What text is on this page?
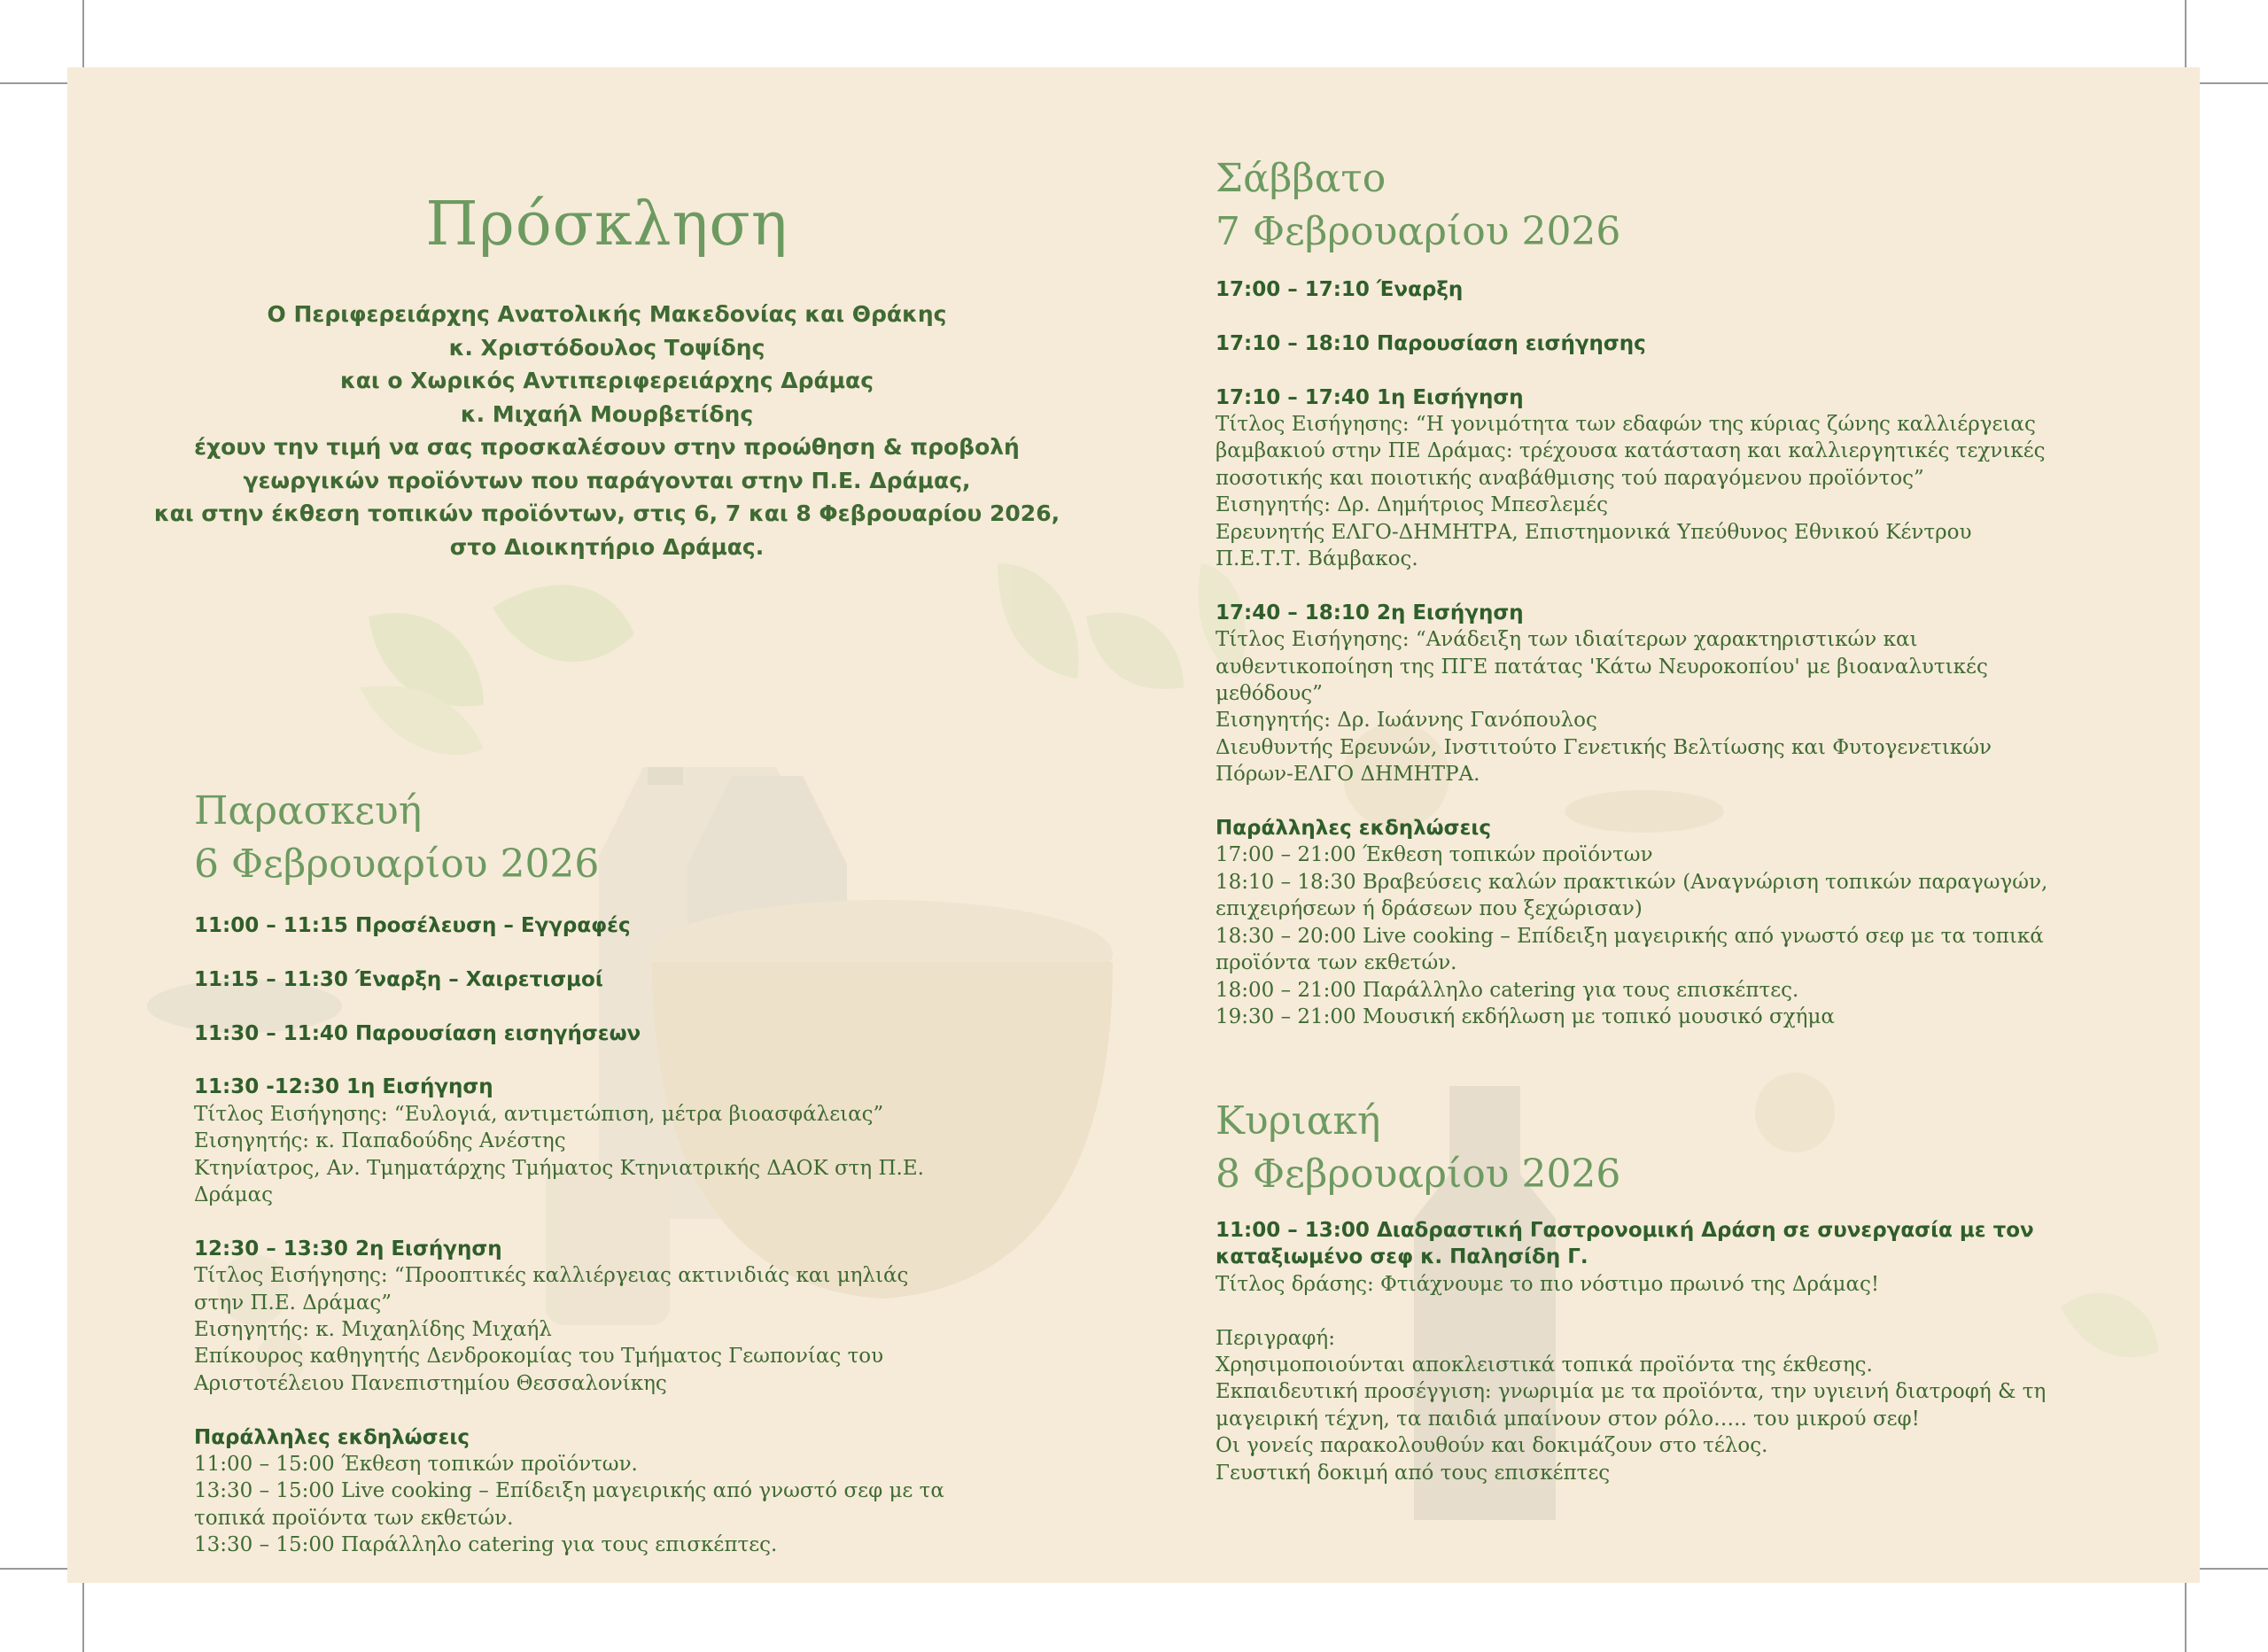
Πρόσκληση
Ο Περιφερειάρχης Ανατολικής Μακεδονίας και Θράκης
κ. Χριστόδουλος Τοψίδης
και ο Χωρικός Αντιπεριφερειάρχης Δράμας
κ. Μιχαήλ Μουρβετίδης
έχουν την τιμή να σας προσκαλέσουν στην προώθηση & προβολή
γεωργικών προϊόντων που παράγονται στην Π.Ε. Δράμας,
και στην έκθεση τοπικών προϊόντων, στις 6, 7 και 8 Φεβρουαρίου 2026,
στο Διοικητήριο Δράμας.
Παρασκευή
6 Φεβρουαρίου 2026
11:00 – 11:15 Προσέλευση – Εγγραφές
11:15 – 11:30 Έναρξη – Χαιρετισμοί
11:30 – 11:40 Παρουσίαση εισηγήσεων
11:30 -12:30 1η Εισήγηση
Τίτλος Εισήγησης: “Ευλογιά, αντιμετώπιση, μέτρα βιοασφάλειας”
Εισηγητής: κ. Παπαδούδης Ανέστης
Κτηνίατρος, Αν. Τμηματάρχης Τμήματος Κτηνιατρικής ΔΑΟΚ στη Π.Ε.
Δράμας
12:30 – 13:30 2η Εισήγηση
Τίτλος Εισήγησης: “Προοπτικές καλλιέργειας ακτινιδιάς και μηλιάς
στην Π.Ε. Δράμας”
Εισηγητής: κ. Μιχαηλίδης Μιχαήλ
Επίκουρος καθηγητής Δενδροκομίας του Τμήματος Γεωπονίας του
Αριστοτέλειου Πανεπιστημίου Θεσσαλονίκης
Παράλληλες εκδηλώσεις
11:00 – 15:00 Έκθεση τοπικών προϊόντων.
13:30 – 15:00 Live cooking – Επίδειξη μαγειρικής από γνωστό σεφ με τα
τοπικά προϊόντα των εκθετών.
13:30 – 15:00 Παράλληλο catering για τους επισκέπτες.
Σάββατο
7 Φεβρουαρίου 2026
17:00 – 17:10 Έναρξη
17:10 – 18:10 Παρουσίαση εισήγησης
17:10 – 17:40 1η Εισήγηση
Τίτλος Εισήγησης: “Η γονιμότητα των εδαφών της κύριας ζώνης καλλιέργειας
βαμβακιού στην ΠΕ Δράμας: τρέχουσα κατάσταση και καλλιεργητικές τεχνικές
ποσοτικής και ποιοτικής αναβάθμισης τού παραγόμενου προϊόντος”
Εισηγητής: Δρ. Δημήτριος Μπεσλεμές
Ερευνητής ΕΛΓΟ-ΔΗΜΗΤΡΑ, Επιστημονικά Υπεύθυνος Εθνικού Κέντρου
Π.Ε.Τ.Τ. Βάμβακος.
17:40 – 18:10 2η Εισήγηση
Τίτλος Εισήγησης: “Ανάδειξη των ιδιαίτερων χαρακτηριστικών και
αυθεντικοποίηση της ΠΓΕ πατάτας 'Κάτω Νευροκοπίου' με βιοαναλυτικές
μεθόδους”
Εισηγητής: Δρ. Ιωάννης Γανόπουλος
Διευθυντής Ερευνών, Ινστιτούτο Γενετικής Βελτίωσης και Φυτογενετικών
Πόρων-ΕΛΓΟ ΔΗΜΗΤΡΑ.
Παράλληλες εκδηλώσεις
17:00 – 21:00 Έκθεση τοπικών προϊόντων
18:10 – 18:30 Βραβεύσεις καλών πρακτικών (Αναγνώριση τοπικών παραγωγών,
επιχειρήσεων ή δράσεων που ξεχώρισαν)
18:30 – 20:00 Live cooking – Επίδειξη μαγειρικής από γνωστό σεφ με τα τοπικά
προϊόντα των εκθετών.
18:00 – 21:00 Παράλληλο catering για τους επισκέπτες.
19:30 – 21:00 Μουσική εκδήλωση με τοπικό μουσικό σχήμα
Κυριακή
8 Φεβρουαρίου 2026
11:00 – 13:00 Διαδραστική Γαστρονομική Δράση σε συνεργασία με τον
καταξιωμένο σεφ κ. Παλησίδη Γ.
Τίτλος δράσης: Φτιάχνουμε το πιο νόστιμο πρωινό της Δράμας!
Περιγραφή:
Χρησιμοποιούνται αποκλειστικά τοπικά προϊόντα της έκθεσης.
Εκπαιδευτική προσέγγιση: γνωριμία με τα προϊόντα, την υγιεινή διατροφή & τη
μαγειρική τέχνη, τα παιδιά μπαίνουν στον ρόλο….. του μικρού σεφ!
Οι γονείς παρακολουθούν και δοκιμάζουν στο τέλος.
Γευστική δοκιμή από τους επισκέπτες
